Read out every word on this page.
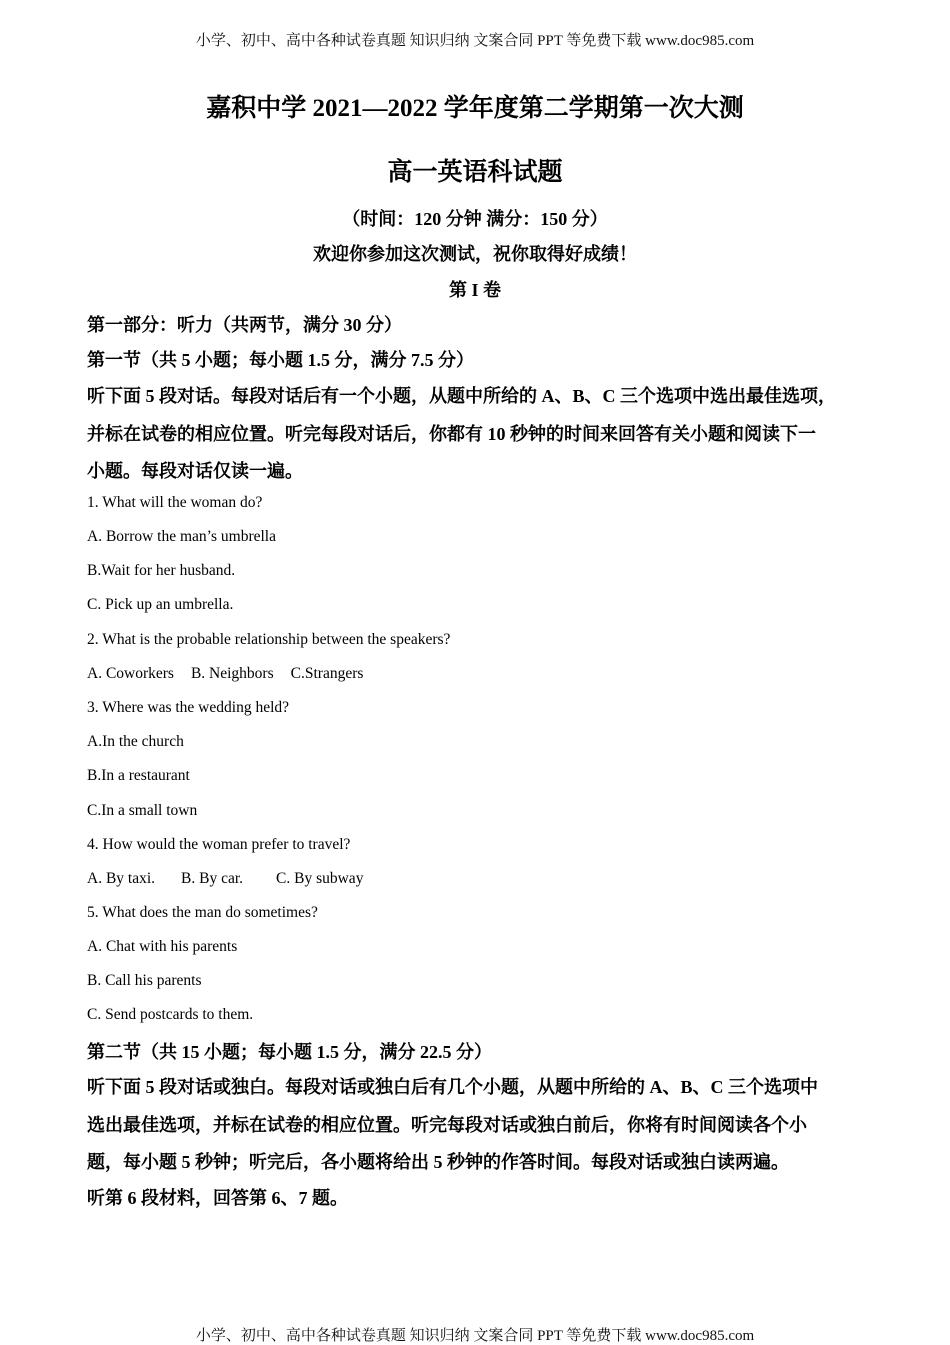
小学、初中、高中各种试卷真题 知识归纳 文案合同 PPT 等免费下载 www.doc985.com
嘉积中学 2021—2022 学年度第二学期第一次大测
高一英语科试题
（时间：120 分钟 满分：150 分）
欢迎你参加这次测试，祝你取得好成绩！
第 I 卷
第一部分：听力（共两节，满分 30 分）
第一节（共 5 小题；每小题 1.5 分，满分 7.5 分）
听下面 5 段对话。每段对话后有一个小题，从题中所给的 A、B、C 三个选项中选出最佳选项，
并标在试卷的相应位置。听完每段对话后，你都有 10 秒钟的时间来回答有关小题和阅读下一
小题。每段对话仅读一遍。
1. What will the woman do?
A. Borrow the man’s umbrella
B.Wait for her husband.
C. Pick up an umbrella.
2. What is the probable relationship between the speakers?
A. Coworkers B. Neighbors C.Strangers
3. Where was the wedding held?
A.In the church
B.In a restaurant
C.In a small town
4. How would the woman prefer to travel?
A. By taxi. B. By car. C. By subway
5. What does the man do sometimes?
A. Chat with his parents
B. Call his parents
C. Send postcards to them.
第二节（共 15 小题；每小题 1.5 分，满分 22.5 分）
听下面 5 段对话或独白。每段对话或独白后有几个小题，从题中所给的 A、B、C 三个选项中
选出最佳选项，并标在试卷的相应位置。听完每段对话或独白前后，你将有时间阅读各个小
题，每小题 5 秒钟；听完后，各小题将给出 5 秒钟的作答时间。每段对话或独白读两遍。
听第 6 段材料，回答第 6、7 题。
小学、初中、高中各种试卷真题 知识归纳 文案合同 PPT 等免费下载 www.doc985.com
